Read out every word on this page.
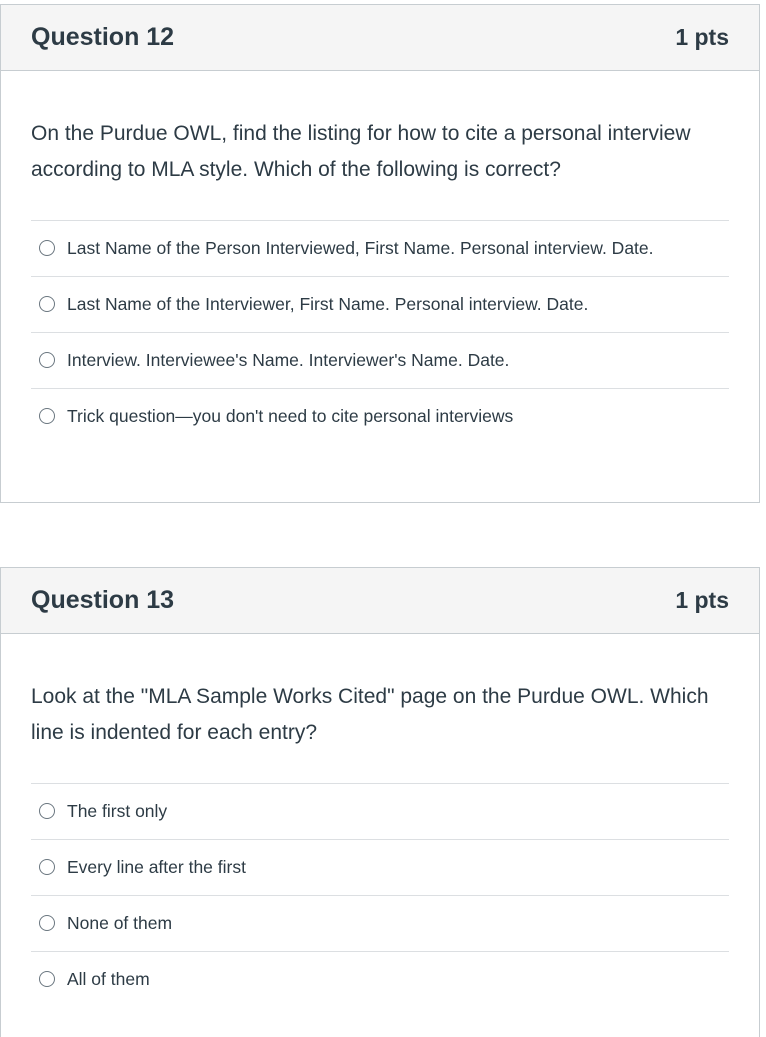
Question 12	1 pts

On the Purdue OWL, find the listing for how to cite a personal interview according to MLA style. Which of the following is correct?

Last Name of the Person Interviewed, First Name. Personal interview. Date.
Last Name of the Interviewer, First Name. Personal interview. Date.
Interview. Interviewee's Name. Interviewer's Name. Date.
Trick question—you don't need to cite personal interviews
Question 13	1 pts

Look at the "MLA Sample Works Cited" page on the Purdue OWL. Which line is indented for each entry?

The first only
Every line after the first
None of them
All of them
